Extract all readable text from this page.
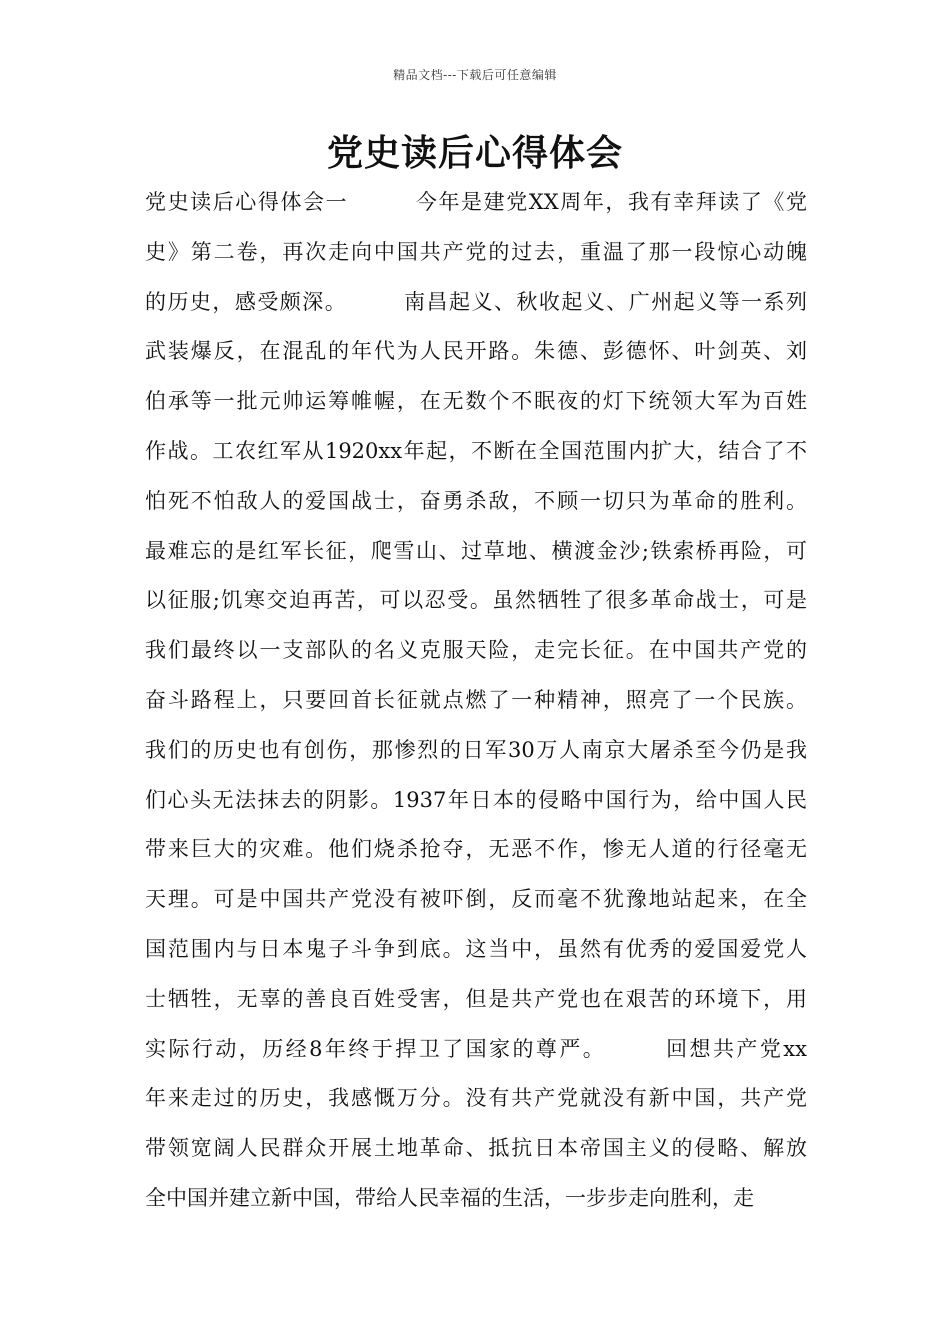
精品文档---下载后可任意编辑
党史读后心得体会
党史读后心得体会一　　　今年是建党XX周年，我有幸拜读了《党
史》第二卷，再次走向中国共产党的过去，重温了那一段惊心动魄
的历史，感受颇深。　　　南昌起义、秋收起义、广州起义等一系列
武装爆反，在混乱的年代为人民开路。朱德、彭德怀、叶剑英、刘
伯承等一批元帅运筹帷幄，在无数个不眠夜的灯下统领大军为百姓
作战。工农红军从1920xx年起，不断在全国范围内扩大，结合了不
怕死不怕敌人的爱国战士，奋勇杀敌，不顾一切只为革命的胜利。
最难忘的是红军长征，爬雪山、过草地、横渡金沙;铁索桥再险，可
以征服;饥寒交迫再苦，可以忍受。虽然牺牲了很多革命战士，可是
我们最终以一支部队的名义克服天险，走完长征。在中国共产党的
奋斗路程上，只要回首长征就点燃了一种精神，照亮了一个民族。
我们的历史也有创伤，那惨烈的日军30万人南京大屠杀至今仍是我
们心头无法抹去的阴影。1937年日本的侵略中国行为，给中国人民
带来巨大的灾难。他们烧杀抢夺，无恶不作，惨无人道的行径毫无
天理。可是中国共产党没有被吓倒，反而毫不犹豫地站起来，在全
国范围内与日本鬼子斗争到底。这当中，虽然有优秀的爱国爱党人
士牺牲，无辜的善良百姓受害，但是共产党也在艰苦的环境下，用
实际行动，历经8年终于捍卫了国家的尊严。　　　回想共产党xx
年来走过的历史，我感慨万分。没有共产党就没有新中国，共产党
带领宽阔人民群众开展土地革命、抵抗日本帝国主义的侵略、解放
全中国并建立新中国，带给人民幸福的生活，一步步走向胜利，走
